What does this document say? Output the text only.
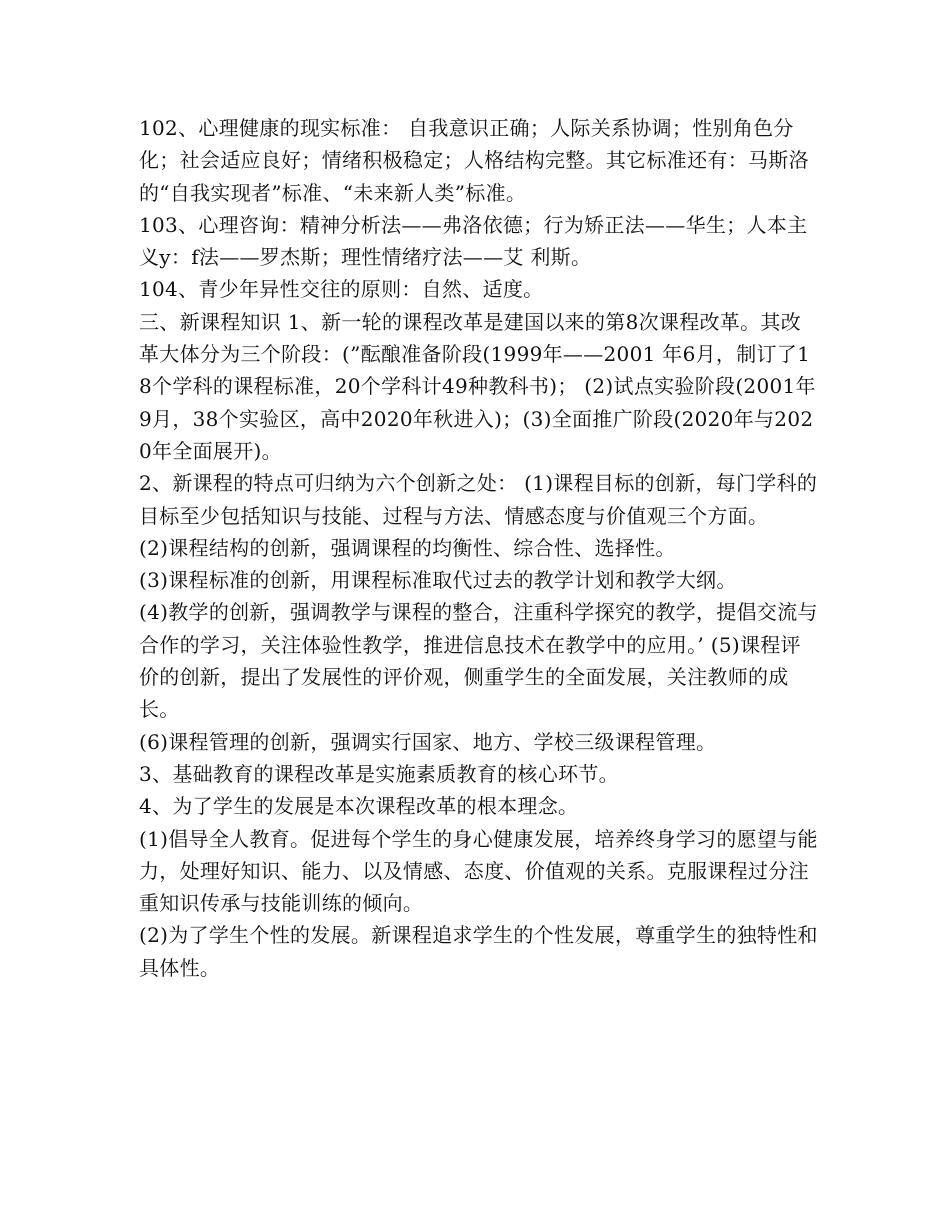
102、心理健康的现实标准： 自我意识正确；人际关系协调；性别角色分化；社会适应良好；情绪积极稳定；人格结构完整。其它标准还有：马斯洛的“自我实现者”标准、“未来新人类”标准。

103、心理咨询：精神分析法——弗洛依德；行为矫正法——华生；人本主义y：f法——罗杰斯；理性情绪疗法——艾 利斯。

104、青少年异性交往的原则：自然、适度。

三、新课程知识 1、新一轮的课程改革是建国以来的第8次课程改革。其改革大体分为三个阶段：(”酝酿准备阶段(1999年——2001 年6月，制订了18个学科的课程标准，20个学科计49种教科书)； (2)试点实验阶段(2001年9月，38个实验区，高中2020年秋进入)；(3)全面推广阶段(2020年与2020年全面展开)。

2、新课程的特点可归纳为六个创新之处： (1)课程目标的创新，每门学科的目标至少包括知识与技能、过程与方法、情感态度与价值观三个方面。

(2)课程结构的创新，强调课程的均衡性、综合性、选择性。

(3)课程标准的创新，用课程标准取代过去的教学计划和教学大纲。

(4)教学的创新，强调教学与课程的整合，注重科学探究的教学，提倡交流与合作的学习，关注体验性教学，推进信息技术在教学中的应用。’ (5)课程评价的创新，提出了发展性的评价观，侧重学生的全面发展，关注教师的成长。

(6)课程管理的创新，强调实行国家、地方、学校三级课程管理。

3、基础教育的课程改革是实施素质教育的核心环节。

4、为了学生的发展是本次课程改革的根本理念。

(1)倡导全人教育。促进每个学生的身心健康发展，培养终身学习的愿望与能力，处理好知识、能力、以及情感、态度、价值观的关系。克服课程过分注重知识传承与技能训练的倾向。

(2)为了学生个性的发展。新课程追求学生的个性发展，尊重学生的独特性和具体性。
